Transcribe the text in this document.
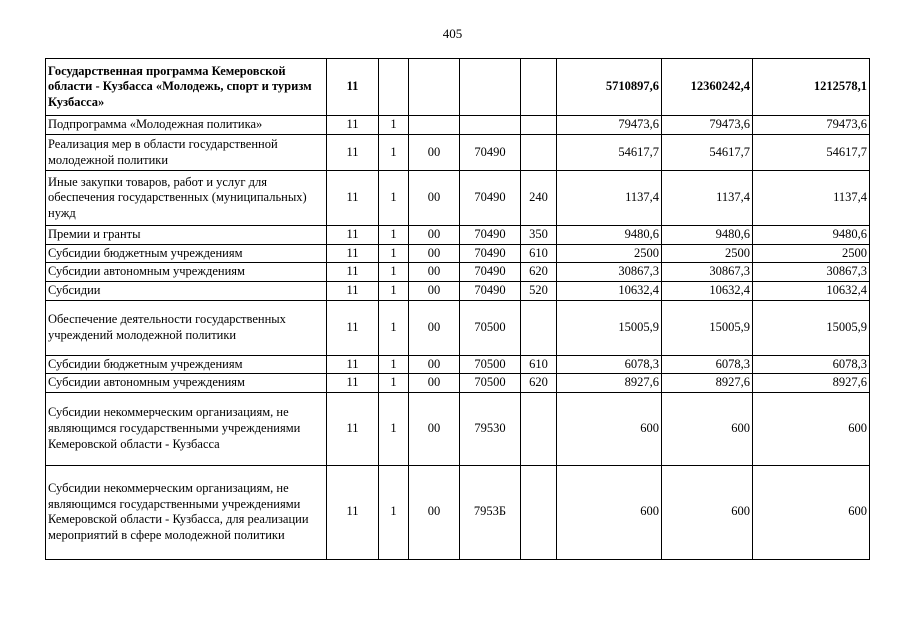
405
Государственная программа Кемеровской области - Кузбасса «Молодежь, спорт и туризм Кузбасса»	11					5710897,6	12360242,4	1212578,1
Подпрограмма «Молодежная политика»	11	1				79473,6	79473,6	79473,6
Реализация мер в области государственной молодежной политики	11	1	00	70490		54617,7	54617,7	54617,7
Иные закупки товаров, работ и услуг для обеспечения государственных (муниципальных) нужд	11	1	00	70490	240	1137,4	1137,4	1137,4
Премии и гранты	11	1	00	70490	350	9480,6	9480,6	9480,6
Субсидии бюджетным учреждениям	11	1	00	70490	610	2500	2500	2500
Субсидии автономным учреждениям	11	1	00	70490	620	30867,3	30867,3	30867,3
Субсидии	11	1	00	70490	520	10632,4	10632,4	10632,4
Обеспечение деятельности государственных учреждений молодежной политики	11	1	00	70500		15005,9	15005,9	15005,9
Субсидии бюджетным учреждениям	11	1	00	70500	610	6078,3	6078,3	6078,3
Субсидии автономным учреждениям	11	1	00	70500	620	8927,6	8927,6	8927,6
Субсидии некоммерческим организациям, не являющимся государственными учреждениями Кемеровской области - Кузбасса	11	1	00	79530		600	600	600
Субсидии некоммерческим организациям, не являющимся государственными учреждениями Кемеровской области - Кузбасса, для реализации мероприятий в сфере молодежной политики	11	1	00	7953Б		600	600	600
